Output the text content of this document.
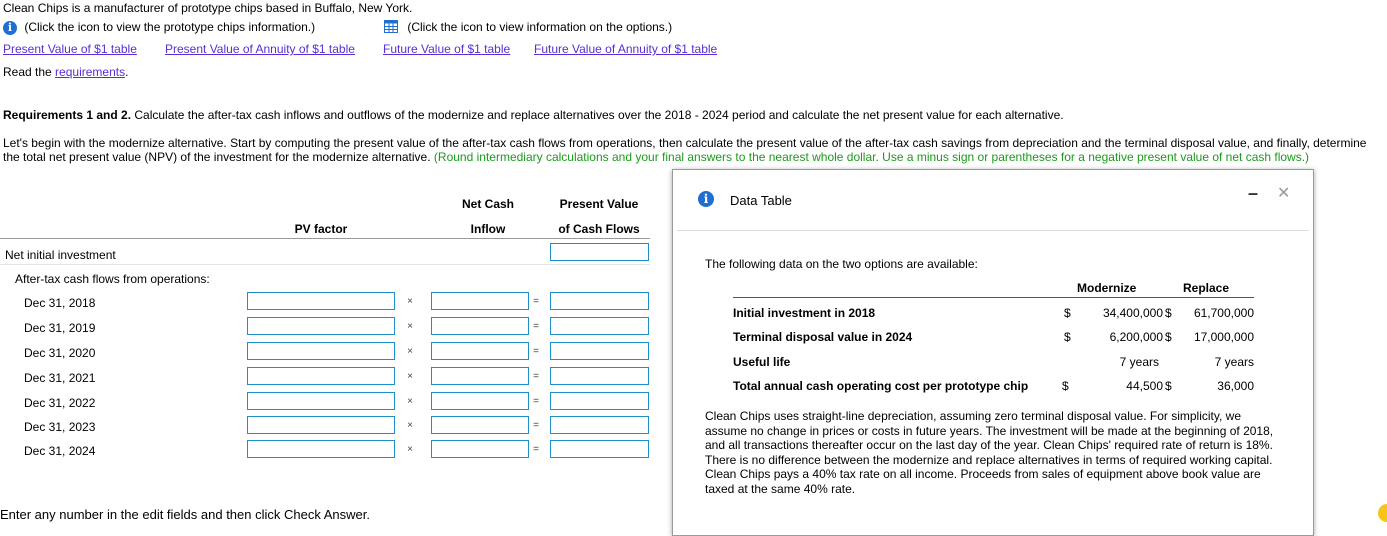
Clean Chips is a manufacturer of prototype chips based in Buffalo, New York.
i (Click the icon to view the prototype chips information.)	(Click the icon to view information on the options.)
Present Value of $1 table Present Value of Annuity of $1 table Future Value of $1 table Future Value of Annuity of $1 table
Read the requirements.
Requirements 1 and 2. Calculate the after-tax cash inflows and outflows of the modernize and replace alternatives over the 2018 - 2024 period and calculate the net present value for each alternative.
Let's begin with the modernize alternative. Start by computing the present value of the after-tax cash flows from operations, then calculate the present value of the after-tax cash savings from depreciation and the terminal disposal value, and finally, determine the total net present value (NPV) of the investment for the modernize alternative. (Round intermediary calculations and your final answers to the nearest whole dollar. Use a minus sign or parentheses for a negative present value of net cash flows.)
PV factor
Net Cash
Inflow
Present Value
of Cash Flows
Net initial investment
After-tax cash flows from operations:
Dec 31, 2018	×	=
Dec 31, 2019	×	=
Dec 31, 2020	×	=
Dec 31, 2021	×	=
Dec 31, 2022	×	=
Dec 31, 2023	×	=
Dec 31, 2024	×	=
Enter any number in the edit fields and then click Check Answer.
i	Data Table	– ✕
The following data on the two options are available:
Modernize	Replace
Initial investment in 2018	$	34,400,000 $	61,700,000
Terminal disposal value in 2024	$	6,200,000 $	17,000,000
Useful life	7 years	7 years
Total annual cash operating cost per prototype chip	$	44,500 $	36,000
Clean Chips uses straight-line depreciation, assuming zero terminal disposal value. For simplicity, we assume no change in prices or costs in future years. The investment will be made at the beginning of 2018, and all transactions thereafter occur on the last day of the year. Clean Chips' required rate of return is 18%. There is no difference between the modernize and replace alternatives in terms of required working capital. Clean Chips pays a 40% tax rate on all income. Proceeds from sales of equipment above book value are taxed at the same 40% rate.
